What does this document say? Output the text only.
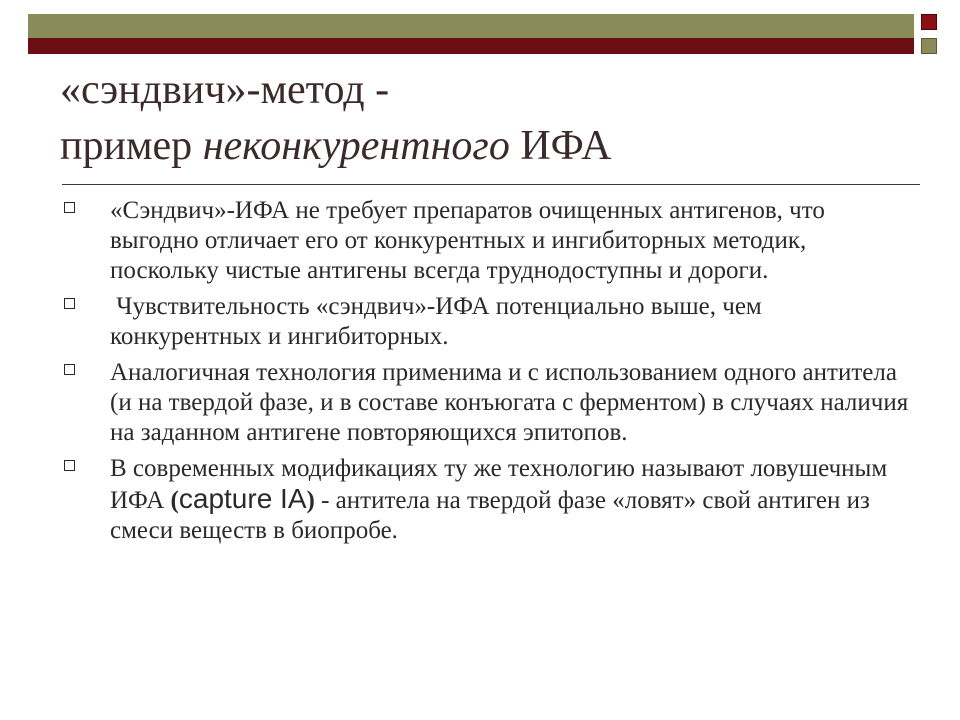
«сэндвич»-метод -
пример неконкурентного ИФА
«Сэндвич»-ИФА не требует препаратов очищенных антигенов, что выгодно отличает его от конкурентных и ингибиторных методик, поскольку чистые антигены всегда труднодоступны и дороги.
Чувствительность «сэндвич»-ИФА потенциально выше, чем конкурентных и ингибиторных.
Аналогичная технология применима и с использованием одного антитела (и на твердой фазе, и в составе конъюгата с ферментом) в случаях наличия на заданном антигене повторяющихся эпитопов.
В современных модификациях ту же технологию называют ловушечным ИФА (capture IA) - антитела на твердой фазе «ловят» свой антиген из смеси веществ в биопробе.
